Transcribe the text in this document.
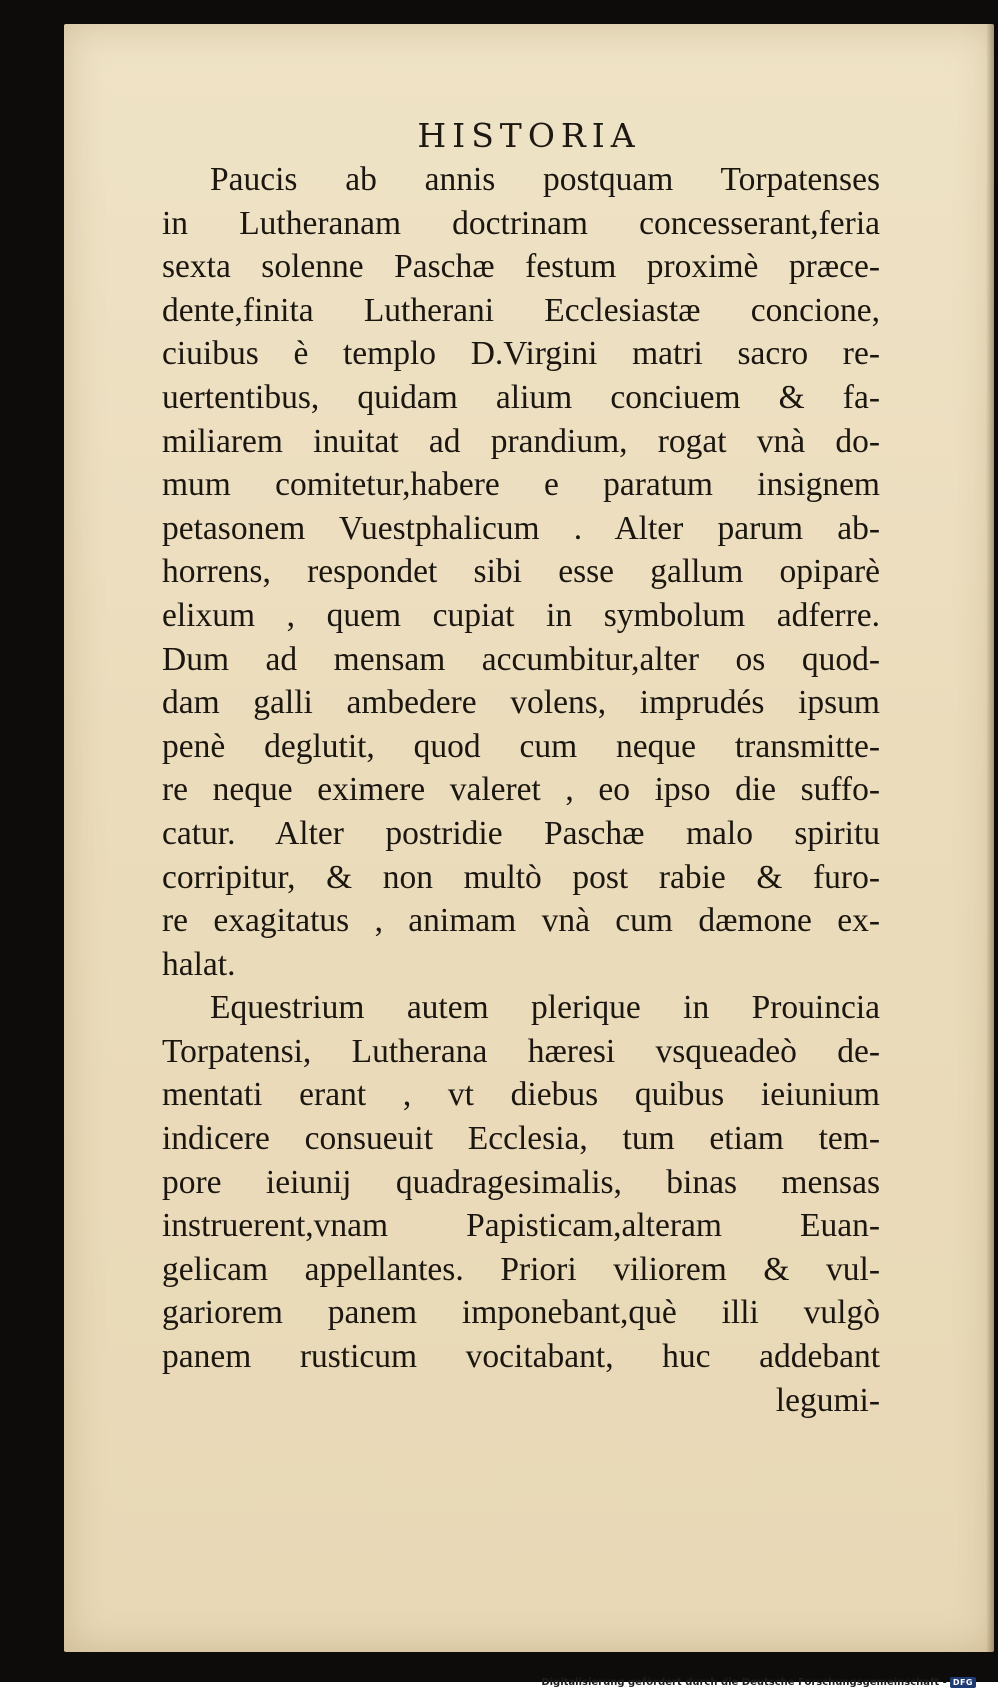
HISTORIA
Paucis ab annis postquam Torpatenses
in Lutheranam doctrinam concesserant,feria
sexta solenne Paschæ festum proximè præce-
dente,finita Lutherani Ecclesiastæ concione,
ciuibus è templo D.Virgini matri sacro re-
uertentibus, quidam alium conciuem & fa-
miliarem inuitat ad prandium, rogat vnà do-
mum comitetur,habere e paratum insignem
petasonem Vuestphalicum . Alter parum ab-
horrens, respondet sibi esse gallum opiparè
elixum , quem cupiat in symbolum adferre.
Dum ad mensam accumbitur,alter os quod-
dam galli ambedere volens, imprudés ipsum
penè deglutit, quod cum neque transmitte-
re neque eximere valeret , eo ipso die suffo-
catur. Alter postridie Paschæ malo spiritu
corripitur, & non multò post rabie & furo-
re exagitatus , animam vnà cum dæmone ex-
halat.
Equestrium autem plerique in Prouincia
Torpatensi, Lutherana hæresi vsqueadeò de-
mentati erant , vt diebus quibus ieiunium
indicere consueuit Ecclesia, tum etiam tem-
pore ieiunij quadragesimalis, binas mensas
instruerent,vnam Papisticam,alteram Euan-
gelicam appellantes. Priori viliorem & vul-
gariorem panem imponebant,què illi vulgò
panem rusticum vocitabant, huc addebant
legumi-
Digitalisierung gefördert durch die Deutsche Forschungsgemeinschaft - DFG
